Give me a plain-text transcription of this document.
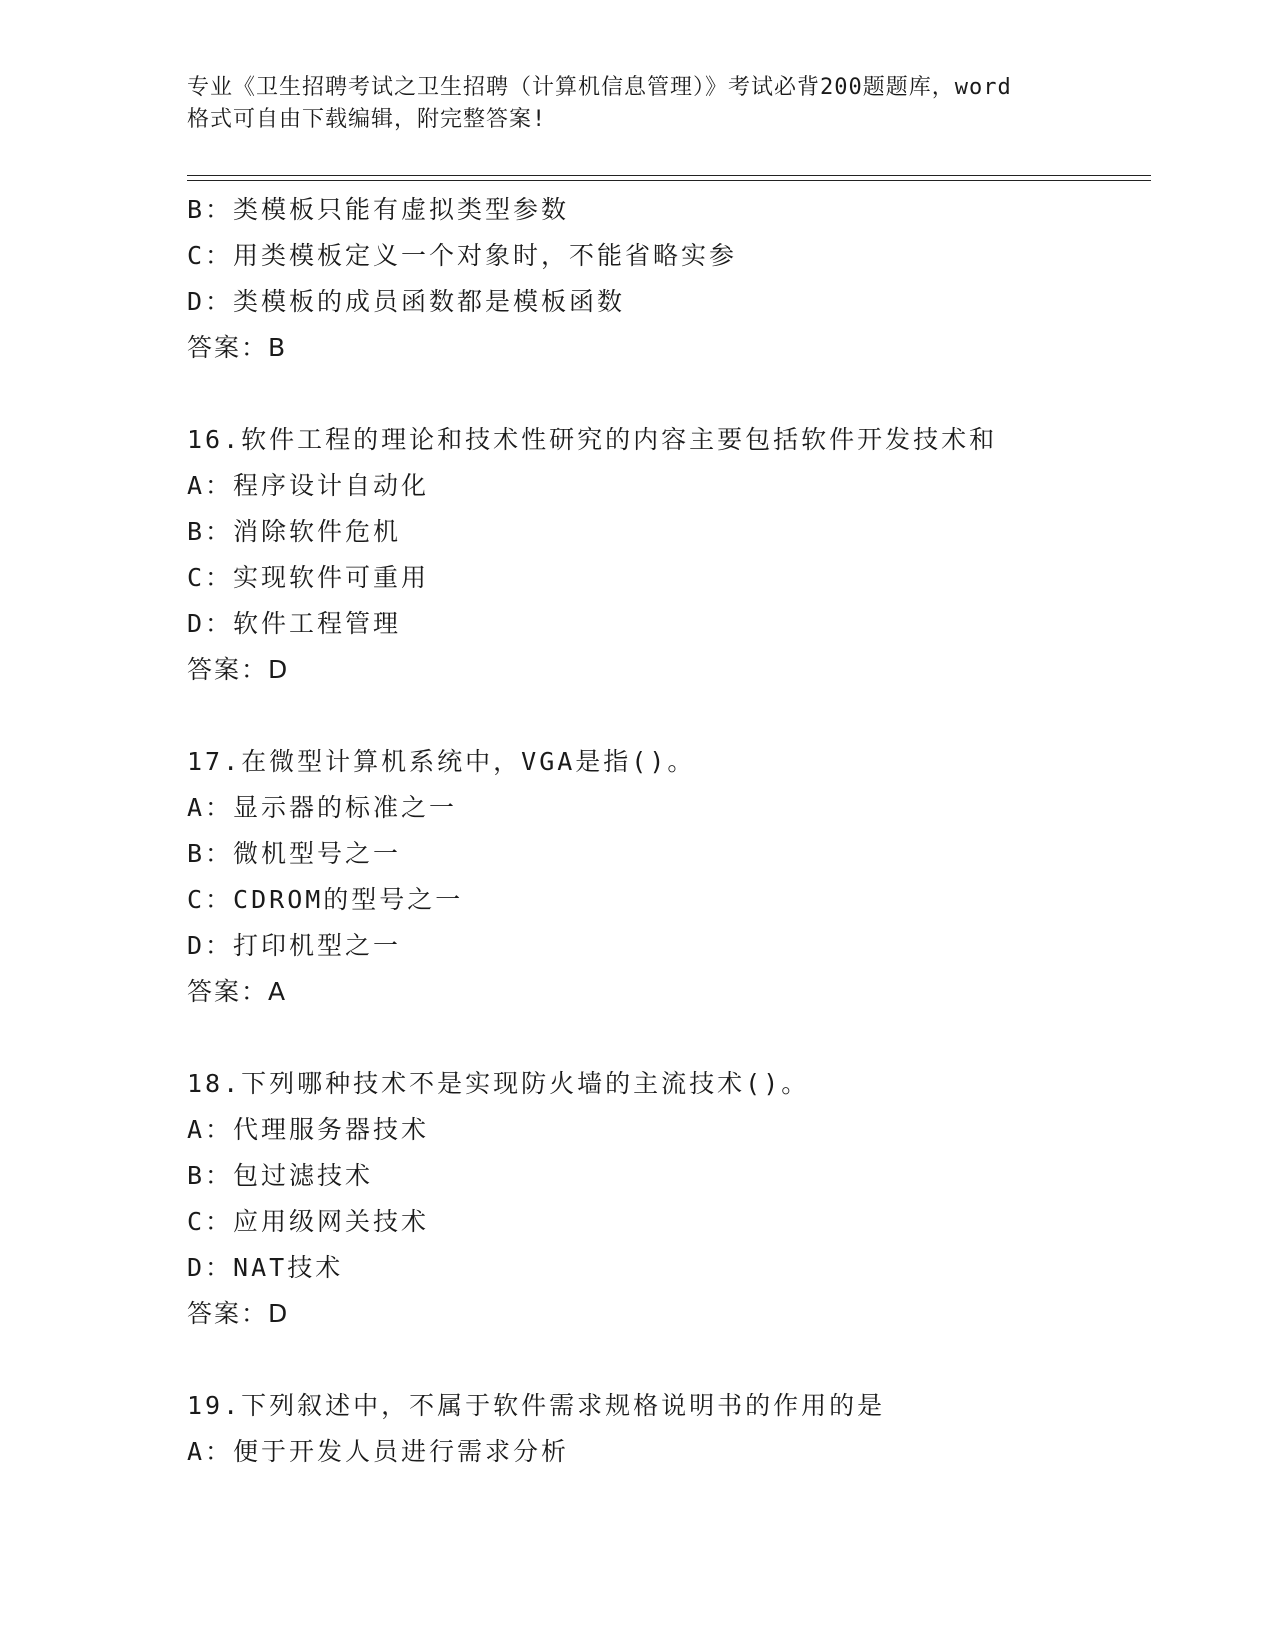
专业《卫生招聘考试之卫生招聘（计算机信息管理）》考试必背200题题库，word
格式可自由下载编辑，附完整答案!
B：类模板只能有虚拟类型参数
C：用类模板定义一个对象时，不能省略实参
D：类模板的成员函数都是模板函数
答案：B
16.软件工程的理论和技术性研究的内容主要包括软件开发技术和
A：程序设计自动化
B：消除软件危机
C：实现软件可重用
D：软件工程管理
答案：D
17.在微型计算机系统中，VGA是指()。
A：显示器的标准之一
B：微机型号之一
C：CDROM的型号之一
D：打印机型之一
答案：A
18.下列哪种技术不是实现防火墙的主流技术()。
A：代理服务器技术
B：包过滤技术
C：应用级网关技术
D：NAT技术
答案：D
19.下列叙述中，不属于软件需求规格说明书的作用的是
A：便于开发人员进行需求分析
